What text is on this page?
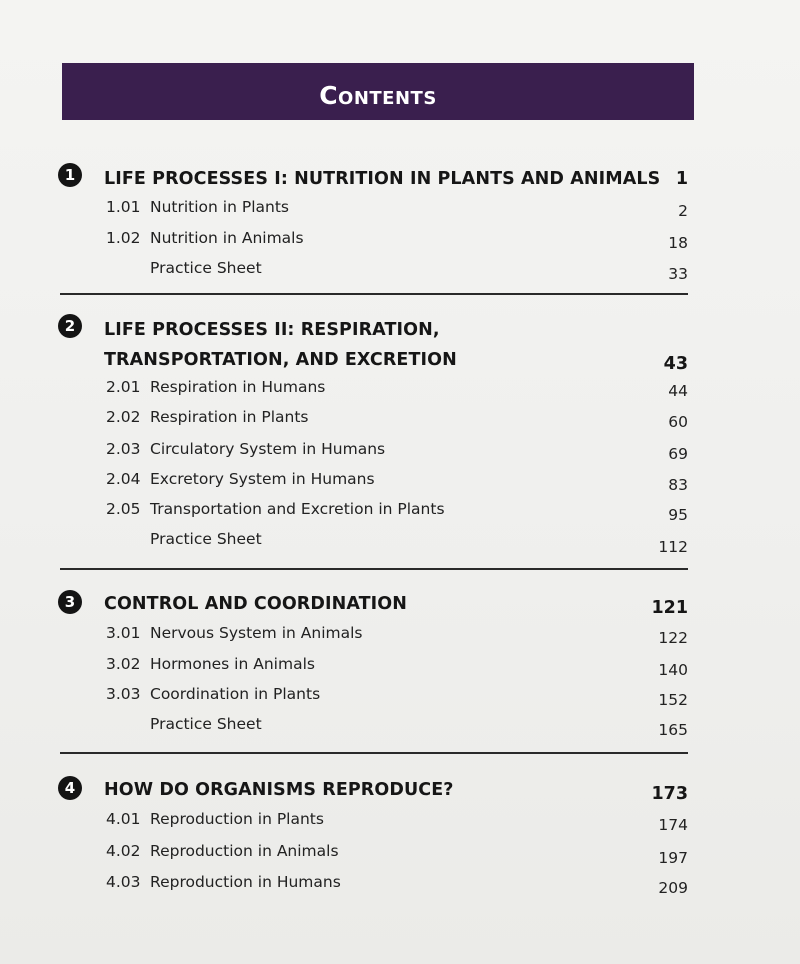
Contents
1	LIFE PROCESSES I: NUTRITION IN PLANTS AND ANIMALS 1
1.01 Nutrition in Plants	2
1.02 Nutrition in Animals	18
Practice Sheet	33
2	LIFE PROCESSES II: RESPIRATION,
TRANSPORTATION, AND EXCRETION	43
2.01 Respiration in Humans	44
2.02 Respiration in Plants	60
2.03 Circulatory System in Humans	69
2.04 Excretory System in Humans	83
2.05 Transportation and Excretion in Plants	95
Practice Sheet	112
3	CONTROL AND COORDINATION	121
3.01 Nervous System in Animals	122
3.02 Hormones in Animals	140
3.03 Coordination in Plants	152
Practice Sheet	165
4	HOW DO ORGANISMS REPRODUCE?	173
4.01 Reproduction in Plants	174
4.02 Reproduction in Animals	197
4.03 Reproduction in Humans	209
